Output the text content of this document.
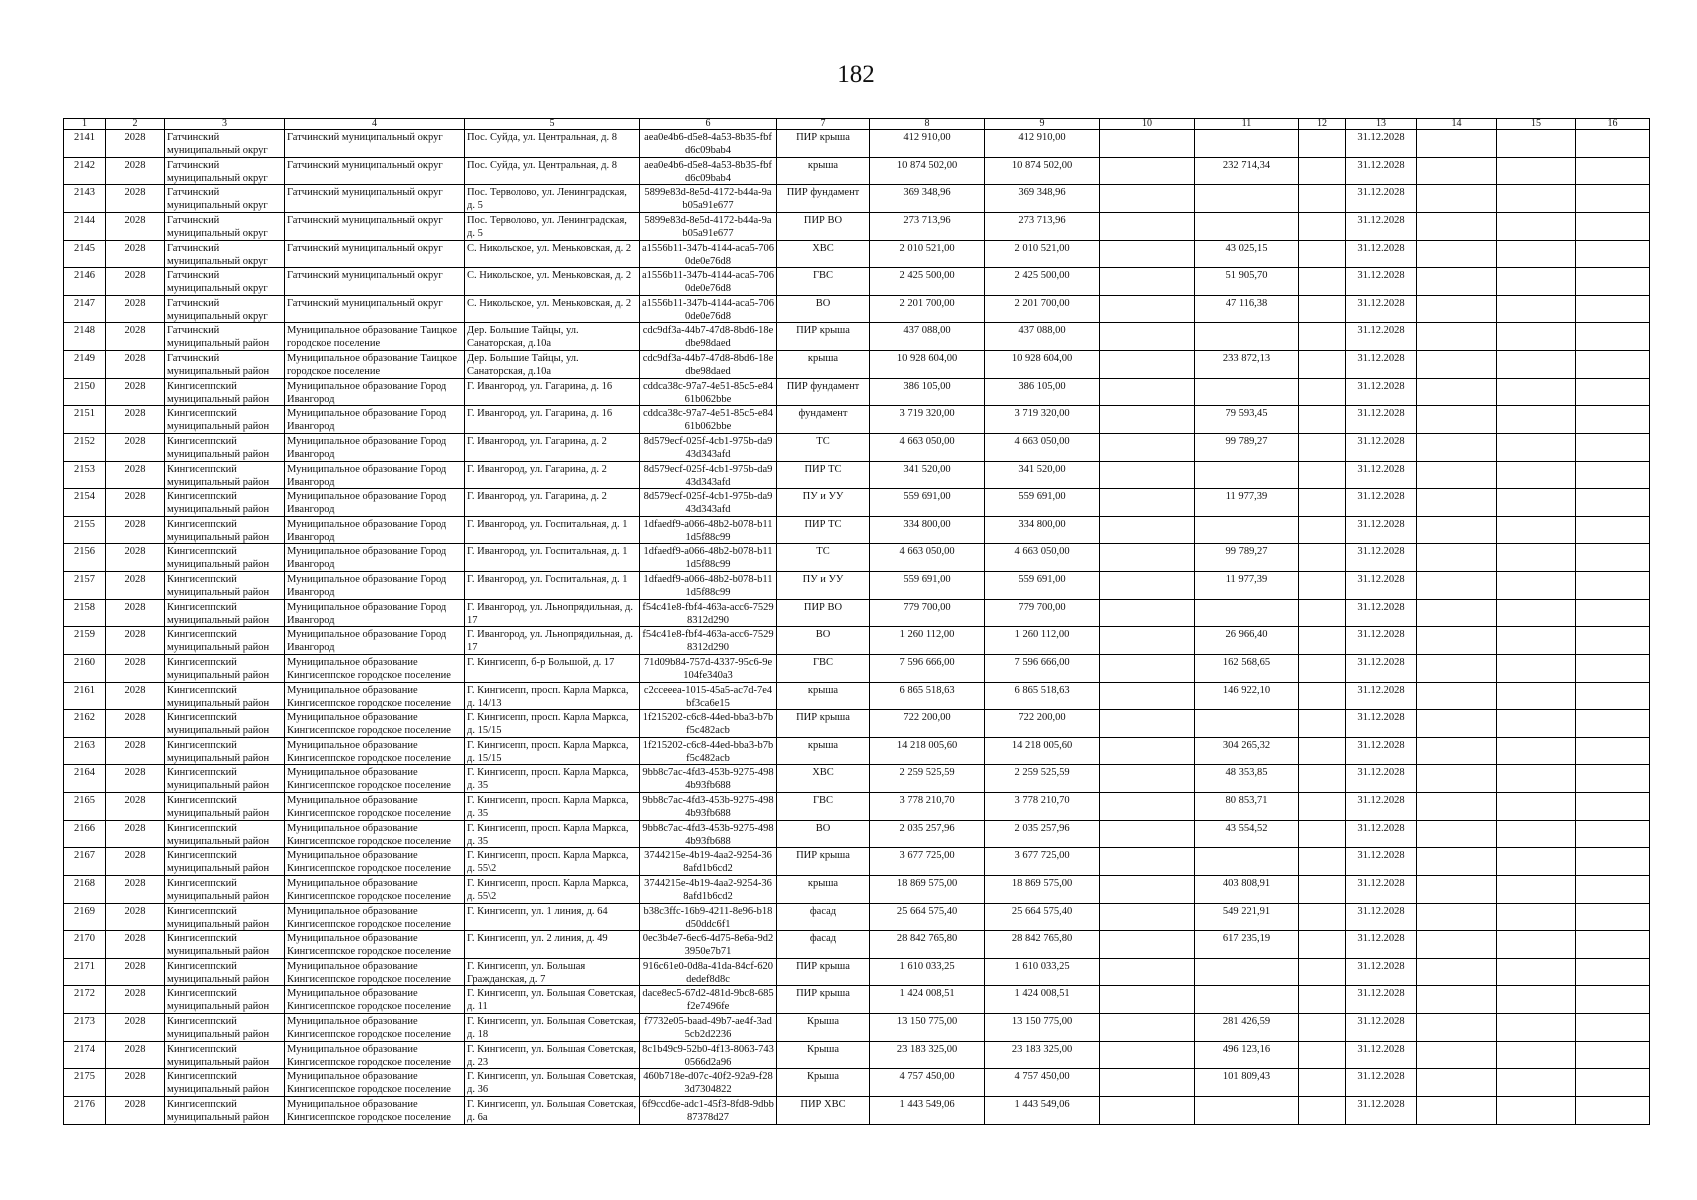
182
1	2	3	4	5	6	7	8	9	10	11	12	13	14	15	16

2141	2028	Гатчинский муниципальный округ	Гатчинский муниципальный округ	Пос. Суйда, ул. Центральная, д. 8	aea0e4b6-d5e8-4a53-8b35-fbfd6c09bab4	ПИР крыша	412 910,00	412 910,00				31.12.2028			

2142	2028	Гатчинский муниципальный округ	Гатчинский муниципальный округ	Пос. Суйда, ул. Центральная, д. 8	aea0e4b6-d5e8-4a53-8b35-fbfd6c09bab4	крыша	10 874 502,00	10 874 502,00		232 714,34		31.12.2028			

2143	2028	Гатчинский муниципальный округ	Гатчинский муниципальный округ	Пос. Терволово, ул. Ленинградская, д. 5	5899e83d-8e5d-4172-b44a-9ab05a91e677	ПИР фундамент	369 348,96	369 348,96				31.12.2028			

2144	2028	Гатчинский муниципальный округ	Гатчинский муниципальный округ	Пос. Терволово, ул. Ленинградская, д. 5	5899e83d-8e5d-4172-b44a-9ab05a91e677	ПИР ВО	273 713,96	273 713,96				31.12.2028			

2145	2028	Гатчинский муниципальный округ	Гатчинский муниципальный округ	С. Никольское, ул. Меньковская, д. 2	a1556b11-347b-4144-aca5-7060de0e76d8	ХВС	2 010 521,00	2 010 521,00		43 025,15		31.12.2028			

2146	2028	Гатчинский муниципальный округ	Гатчинский муниципальный округ	С. Никольское, ул. Меньковская, д. 2	a1556b11-347b-4144-aca5-7060de0e76d8	ГВС	2 425 500,00	2 425 500,00		51 905,70		31.12.2028			

2147	2028	Гатчинский муниципальный округ	Гатчинский муниципальный округ	С. Никольское, ул. Меньковская, д. 2	a1556b11-347b-4144-aca5-7060de0e76d8	ВО	2 201 700,00	2 201 700,00		47 116,38		31.12.2028			

2148	2028	Гатчинский муниципальный район	Муниципальное образование Таицкое городское поселение	Дер. Большие Тайцы, ул. Санаторская, д.10а	cdc9df3a-44b7-47d8-8bd6-18edbe98daed	ПИР крыша	437 088,00	437 088,00				31.12.2028			

2149	2028	Гатчинский муниципальный район	Муниципальное образование Таицкое городское поселение	Дер. Большие Тайцы, ул. Санаторская, д.10а	cdc9df3a-44b7-47d8-8bd6-18edbe98daed	крыша	10 928 604,00	10 928 604,00		233 872,13		31.12.2028			

2150	2028	Кингисеппский муниципальный район	Муниципальное образование Город Ивангород	Г. Ивангород, ул. Гагарина, д. 16	cddca38c-97a7-4e51-85c5-e8461b062bbe	ПИР фундамент	386 105,00	386 105,00				31.12.2028			

2151	2028	Кингисеппский муниципальный район	Муниципальное образование Город Ивангород	Г. Ивангород, ул. Гагарина, д. 16	cddca38c-97a7-4e51-85c5-e8461b062bbe	фундамент	3 719 320,00	3 719 320,00		79 593,45		31.12.2028			

2152	2028	Кингисеппский муниципальный район	Муниципальное образование Город Ивангород	Г. Ивангород, ул. Гагарина, д. 2	8d579ecf-025f-4cb1-975b-da943d343afd	ТС	4 663 050,00	4 663 050,00		99 789,27		31.12.2028			

2153	2028	Кингисеппский муниципальный район	Муниципальное образование Город Ивангород	Г. Ивангород, ул. Гагарина, д. 2	8d579ecf-025f-4cb1-975b-da943d343afd	ПИР ТС	341 520,00	341 520,00				31.12.2028			

2154	2028	Кингисеппский муниципальный район	Муниципальное образование Город Ивангород	Г. Ивангород, ул. Гагарина, д. 2	8d579ecf-025f-4cb1-975b-da943d343afd	ПУ и УУ	559 691,00	559 691,00		11 977,39		31.12.2028			

2155	2028	Кингисеппский муниципальный район	Муниципальное образование Город Ивангород	Г. Ивангород, ул. Госпитальная, д. 1	1dfaedf9-a066-48b2-b078-b111d5f88c99	ПИР ТС	334 800,00	334 800,00				31.12.2028			

2156	2028	Кингисеппский муниципальный район	Муниципальное образование Город Ивангород	Г. Ивангород, ул. Госпитальная, д. 1	1dfaedf9-a066-48b2-b078-b111d5f88c99	ТС	4 663 050,00	4 663 050,00		99 789,27		31.12.2028			

2157	2028	Кингисеппский муниципальный район	Муниципальное образование Город Ивангород	Г. Ивангород, ул. Госпитальная, д. 1	1dfaedf9-a066-48b2-b078-b111d5f88c99	ПУ и УУ	559 691,00	559 691,00		11 977,39		31.12.2028			

2158	2028	Кингисеппский муниципальный район	Муниципальное образование Город Ивангород	Г. Ивангород, ул. Льнопрядильная, д. 17	f54c41e8-fbf4-463a-acc6-75298312d290	ПИР ВО	779 700,00	779 700,00				31.12.2028			

2159	2028	Кингисеппский муниципальный район	Муниципальное образование Город Ивангород	Г. Ивангород, ул. Льнопрядильная, д. 17	f54c41e8-fbf4-463a-acc6-75298312d290	ВО	1 260 112,00	1 260 112,00		26 966,40		31.12.2028			

2160	2028	Кингисеппский муниципальный район	Муниципальное образование Кингисеппское городское поселение	Г. Кингисепп, б-р Большой, д. 17	71d09b84-757d-4337-95c6-9e104fe340a3	ГВС	7 596 666,00	7 596 666,00		162 568,65		31.12.2028			

2161	2028	Кингисеппский муниципальный район	Муниципальное образование Кингисеппское городское поселение	Г. Кингисепп, просп. Карла Маркса, д. 14/13	c2cceeea-1015-45a5-ac7d-7e4bf3ca6e15	крыша	6 865 518,63	6 865 518,63		146 922,10		31.12.2028			

2162	2028	Кингисеппский муниципальный район	Муниципальное образование Кингисеппское городское поселение	Г. Кингисепп, просп. Карла Маркса, д. 15/15	1f215202-c6c8-44ed-bba3-b7bf5c482acb	ПИР крыша	722 200,00	722 200,00				31.12.2028			

2163	2028	Кингисеппский муниципальный район	Муниципальное образование Кингисеппское городское поселение	Г. Кингисепп, просп. Карла Маркса, д. 15/15	1f215202-c6c8-44ed-bba3-b7bf5c482acb	крыша	14 218 005,60	14 218 005,60		304 265,32		31.12.2028			

2164	2028	Кингисеппский муниципальный район	Муниципальное образование Кингисеппское городское поселение	Г. Кингисепп, просп. Карла Маркса, д. 35	9bb8c7ac-4fd3-453b-9275-4984b93fb688	ХВС	2 259 525,59	2 259 525,59		48 353,85		31.12.2028			

2165	2028	Кингисеппский муниципальный район	Муниципальное образование Кингисеппское городское поселение	Г. Кингисепп, просп. Карла Маркса, д. 35	9bb8c7ac-4fd3-453b-9275-4984b93fb688	ГВС	3 778 210,70	3 778 210,70		80 853,71		31.12.2028			

2166	2028	Кингисеппский муниципальный район	Муниципальное образование Кингисеппское городское поселение	Г. Кингисепп, просп. Карла Маркса, д. 35	9bb8c7ac-4fd3-453b-9275-4984b93fb688	ВО	2 035 257,96	2 035 257,96		43 554,52		31.12.2028			

2167	2028	Кингисеппский муниципальный район	Муниципальное образование Кингисеппское городское поселение	Г. Кингисепп, просп. Карла Маркса, д. 55\2	3744215e-4b19-4aa2-9254-368afd1b6cd2	ПИР крыша	3 677 725,00	3 677 725,00				31.12.2028			

2168	2028	Кингисеппский муниципальный район	Муниципальное образование Кингисеппское городское поселение	Г. Кингисепп, просп. Карла Маркса, д. 55\2	3744215e-4b19-4aa2-9254-368afd1b6cd2	крыша	18 869 575,00	18 869 575,00		403 808,91		31.12.2028			

2169	2028	Кингисеппский муниципальный район	Муниципальное образование Кингисеппское городское поселение	Г. Кингисепп, ул. 1 линия, д. 64	b38c3ffc-16b9-4211-8e96-b18d50ddc6f1	фасад	25 664 575,40	25 664 575,40		549 221,91		31.12.2028			

2170	2028	Кингисеппский муниципальный район	Муниципальное образование Кингисеппское городское поселение	Г. Кингисепп, ул. 2 линия, д. 49	0ec3b4e7-6ec6-4d75-8e6a-9d23950e7b71	фасад	28 842 765,80	28 842 765,80		617 235,19		31.12.2028			

2171	2028	Кингисеппский муниципальный район	Муниципальное образование Кингисеппское городское поселение	Г. Кингисепп, ул. Большая Гражданская, д. 7	916c61e0-0d8a-41da-84cf-620dedef8d8c	ПИР крыша	1 610 033,25	1 610 033,25				31.12.2028			

2172	2028	Кингисеппский муниципальный район	Муниципальное образование Кингисеппское городское поселение	Г. Кингисепп, ул. Большая Советская, д. 11	dace8ec5-67d2-481d-9bc8-685f2e7496fe	ПИР крыша	1 424 008,51	1 424 008,51				31.12.2028			

2173	2028	Кингисеппский муниципальный район	Муниципальное образование Кингисеппское городское поселение	Г. Кингисепп, ул. Большая Советская, д. 18	f7732e05-baad-49b7-ae4f-3ad5cb2d2236	Крыша	13 150 775,00	13 150 775,00		281 426,59		31.12.2028			

2174	2028	Кингисеппский муниципальный район	Муниципальное образование Кингисеппское городское поселение	Г. Кингисепп, ул. Большая Советская, д. 23	8c1b49c9-52b0-4f13-8063-7430566d2a96	Крыша	23 183 325,00	23 183 325,00		496 123,16		31.12.2028			

2175	2028	Кингисеппский муниципальный район	Муниципальное образование Кингисеппское городское поселение	Г. Кингисепп, ул. Большая Советская, д. 36	460b718e-d07c-40f2-92a9-f283d7304822	Крыша	4 757 450,00	4 757 450,00		101 809,43		31.12.2028			

2176	2028	Кингисеппский муниципальный район	Муниципальное образование Кингисеппское городское поселение	Г. Кингисепп, ул. Большая Советская, д. 6а	6f9ccd6e-adc1-45f3-8fd8-9dbb87378d27	ПИР ХВС	1 443 549,06	1 443 549,06				31.12.2028			
